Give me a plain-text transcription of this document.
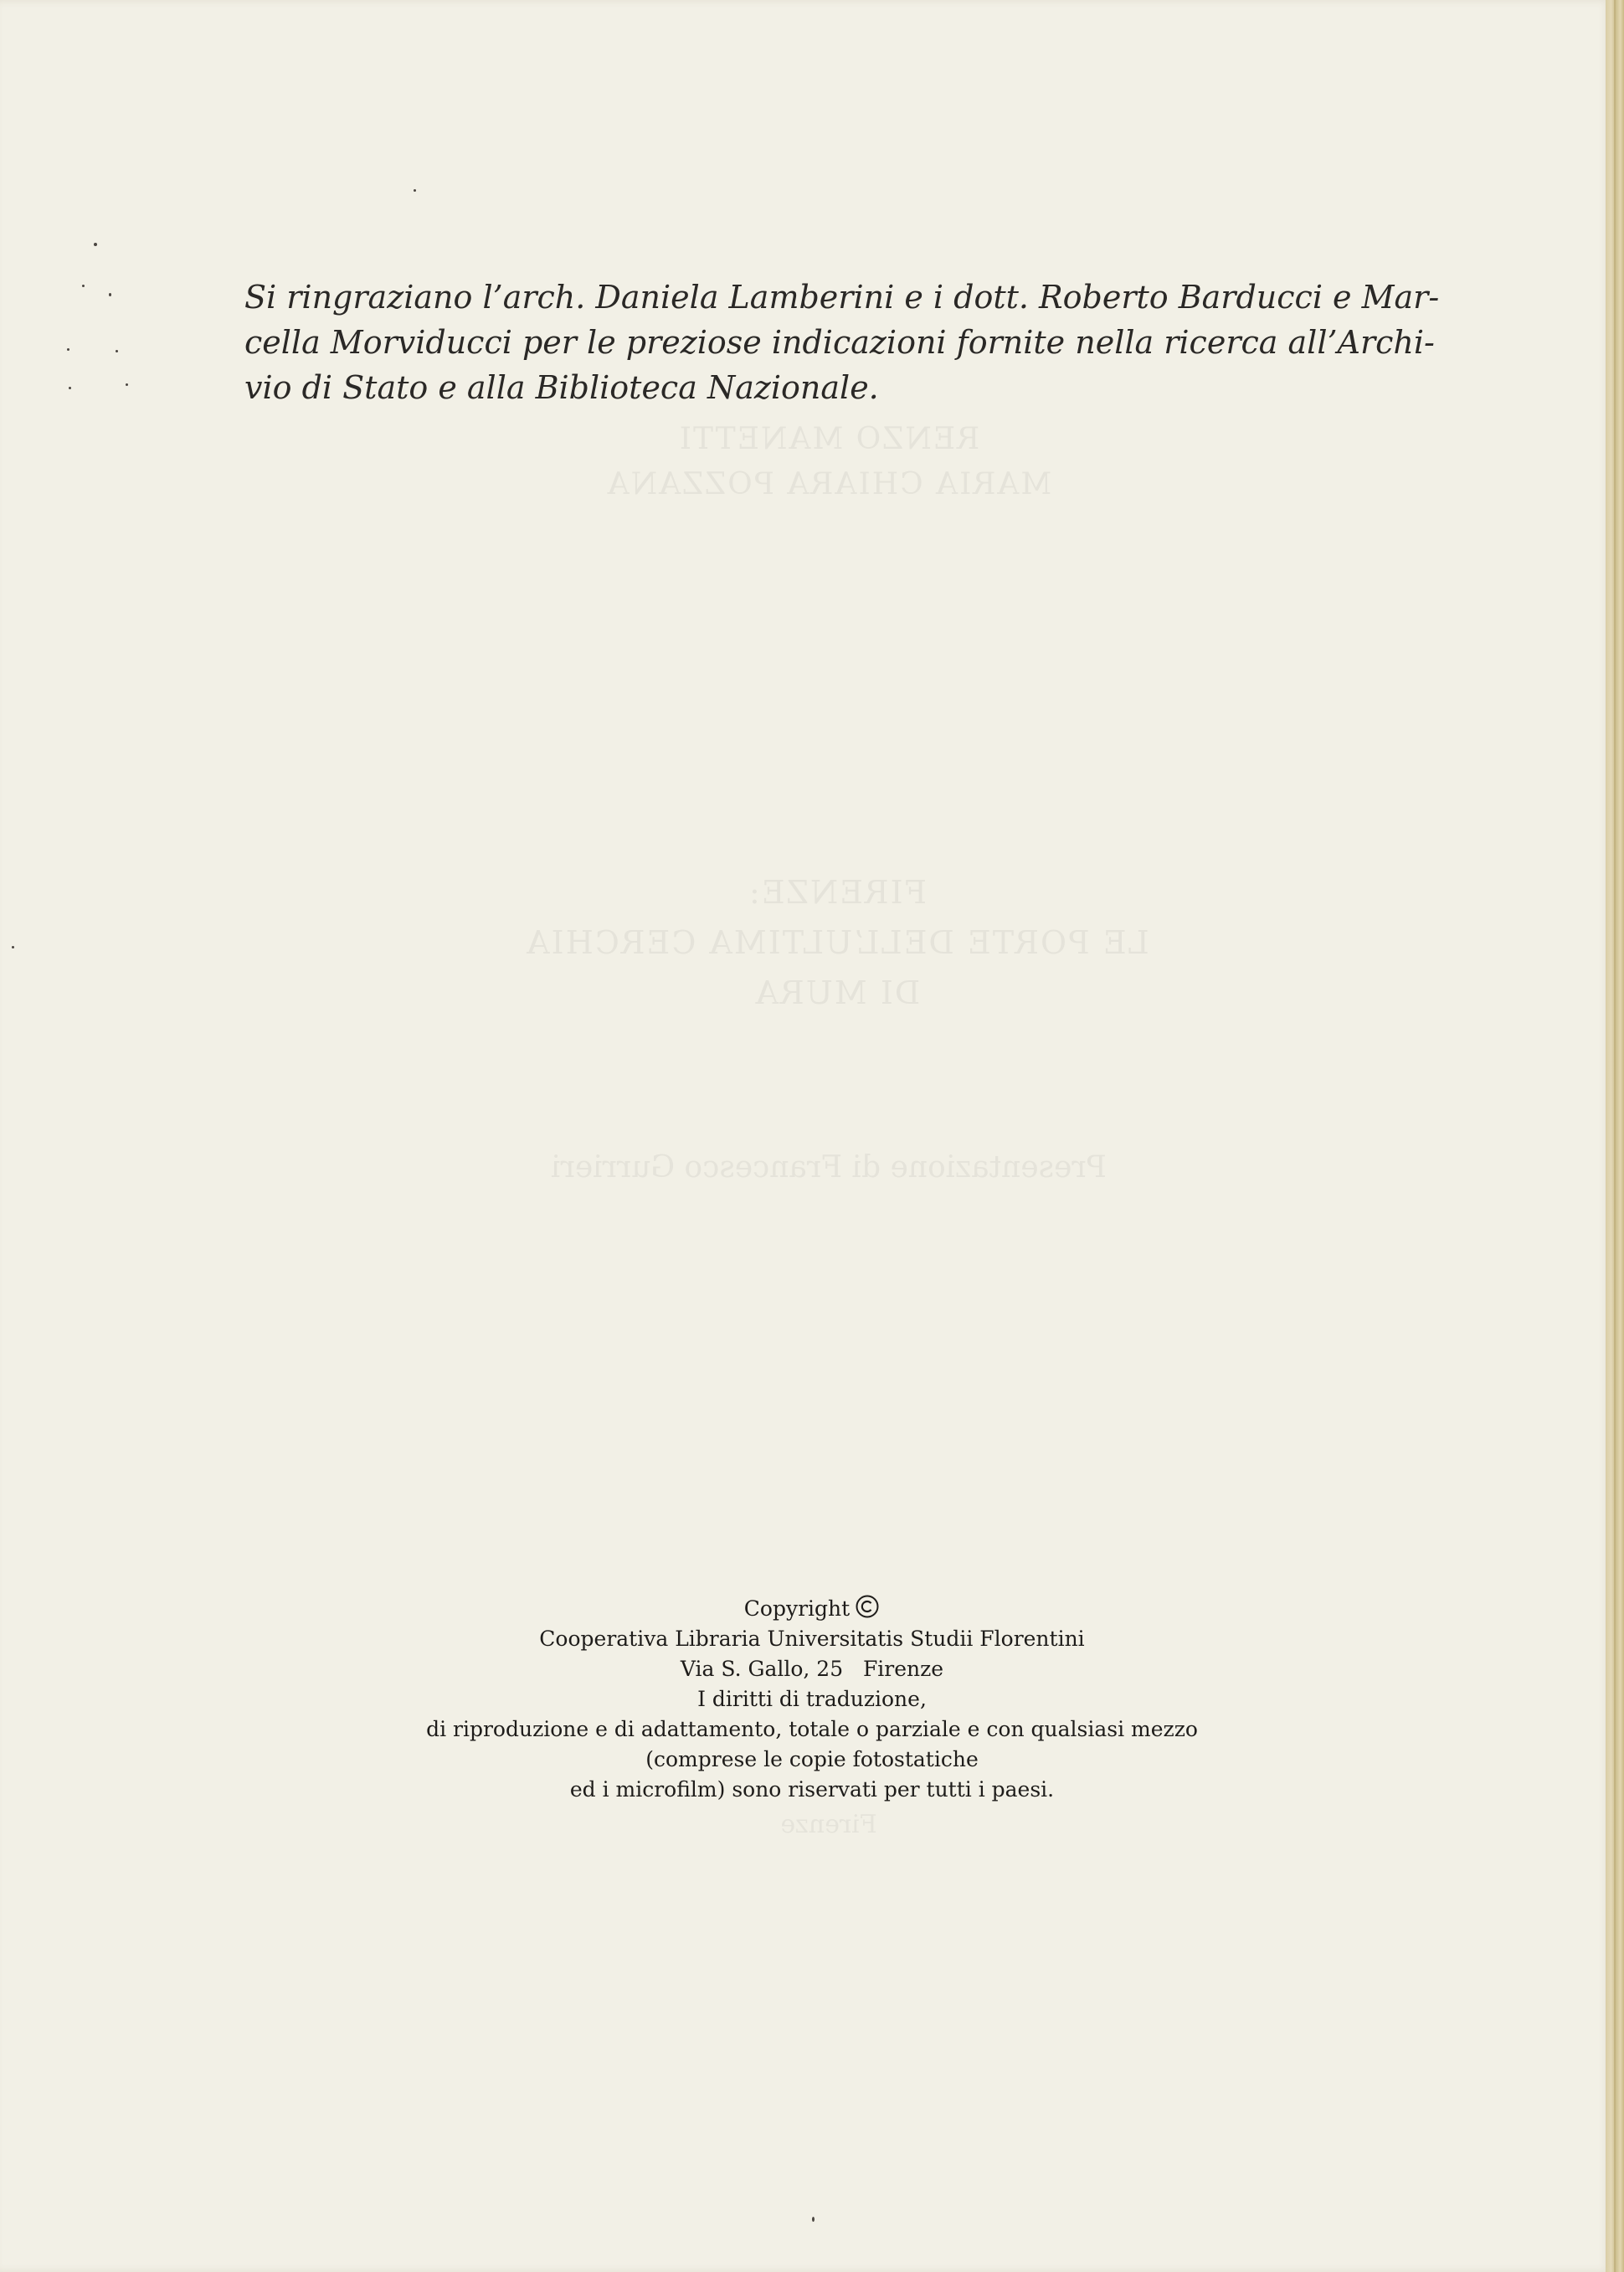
RENZO MANETTI
MARIA CHIARA POZZANA
FIRENZE:
LE PORTE DELL’ULTIMA CERCHIA
DI MURA
Presentazione di Francesco Gurrieri
Firenze
Si ringraziano l’arch. Daniela Lamberini e i dott. Roberto Barducci e Mar-
cella Morviducci per le preziose indicazioni fornite nella ricerca all’Archi-
vio di Stato e alla Biblioteca Nazionale.
Copyright
Cooperativa Libraria Universitatis Studii Florentini
Via S. Gallo, 25   Firenze
I diritti di traduzione,
di riproduzione e di adattamento, totale o parziale e con qualsiasi mezzo
(comprese le copie fotostatiche
ed i microfilm) sono riservati per tutti i paesi.
